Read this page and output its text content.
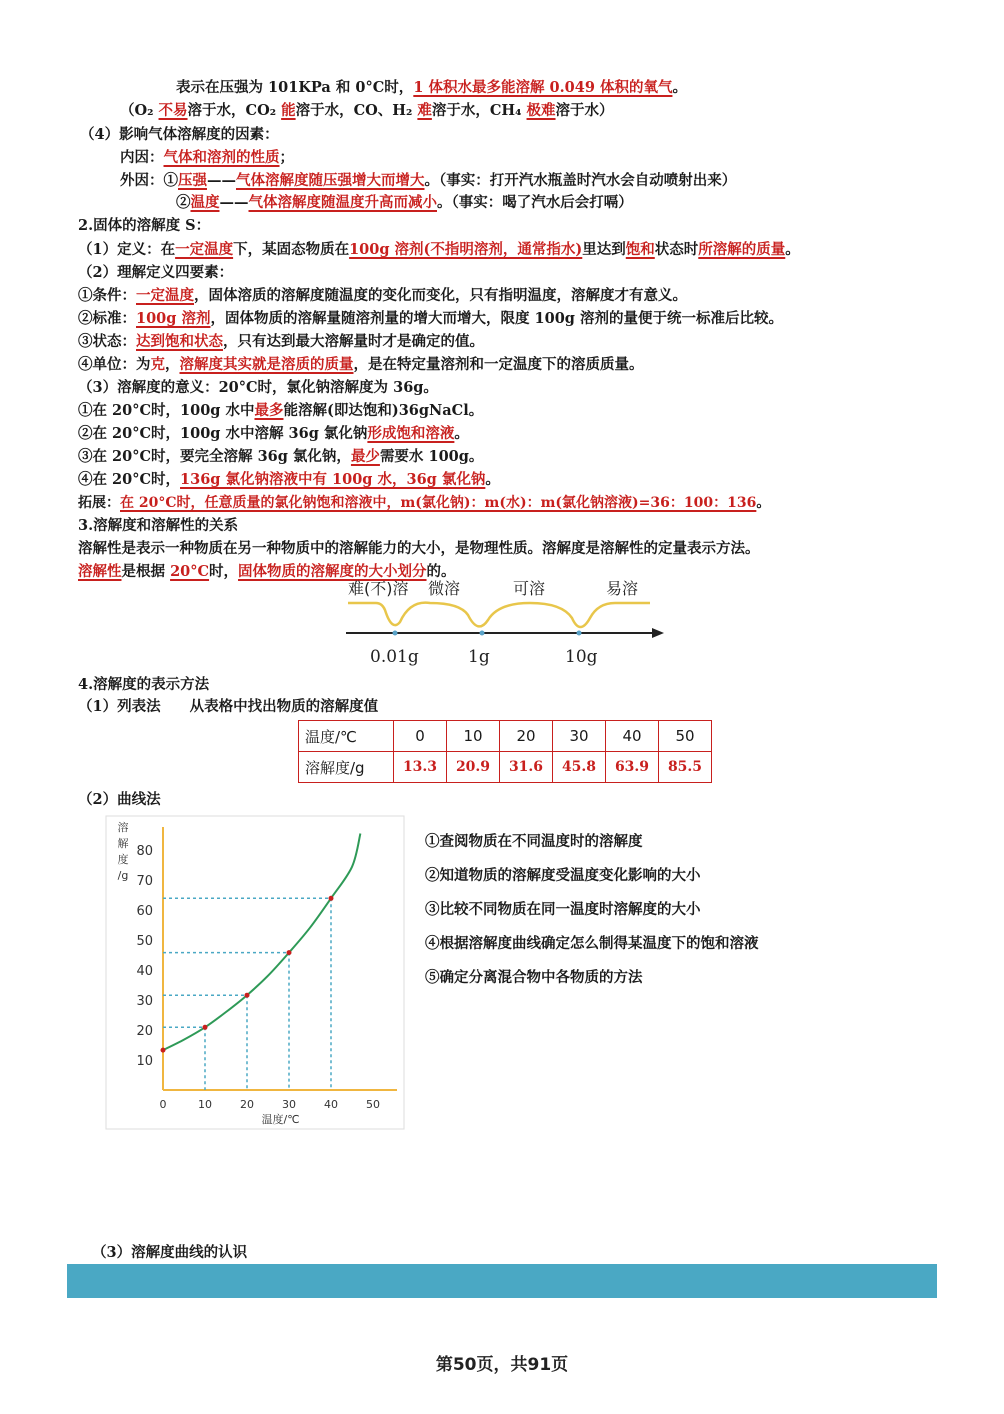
表示在压强为 101KPa 和 0°C时，1 体积水最多能溶解 0.049 体积的氧气。
（O₂ 不易溶于水，CO₂ 能溶于水，CO、H₂ 难溶于水，CH₄ 极难溶于水）
（4）影响气体溶解度的因素：
内因：气体和溶剂的性质；
外因：①压强——气体溶解度随压强增大而增大。（事实：打开汽水瓶盖时汽水会自动喷射出来）
②温度——气体溶解度随温度升高而减小。（事实：喝了汽水后会打嗝）
2.固体的溶解度 S：
（1）定义：在一定温度下，某固态物质在100g 溶剂(不指明溶剂，通常指水)里达到饱和状态时所溶解的质量。
（2）理解定义四要素：
①条件：一定温度，固体溶质的溶解度随温度的变化而变化，只有指明温度，溶解度才有意义。
②标准：100g 溶剂，固体物质的溶解量随溶剂量的增大而增大，限度 100g 溶剂的量便于统一标准后比较。
③状态：达到饱和状态，只有达到最大溶解量时才是确定的值。
④单位：为克，溶解度其实就是溶质的质量，是在特定量溶剂和一定温度下的溶质质量。
（3）溶解度的意义：20°C时，氯化钠溶解度为 36g。
①在 20°C时，100g 水中最多能溶解(即达饱和)36gNaCl。
②在 20°C时，100g 水中溶解 36g 氯化钠形成饱和溶液。
③在 20°C时，要完全溶解 36g 氯化钠，最少需要水 100g。
④在 20°C时，136g 氯化钠溶液中有 100g 水，36g 氯化钠。
拓展：在 20°C时，任意质量的氯化钠饱和溶液中，m(氯化钠)：m(水)：m(氯化钠溶液)=36：100：136。
3.溶解度和溶解性的关系
溶解性是表示一种物质在另一种物质中的溶解能力的大小，是物理性质。溶解度是溶解性的定量表示方法。
溶解性是根据 20°C时，固体物质的溶解度的大小划分的。
难(不)溶 微溶	可溶	易溶
0.01g	1g	10g
4.溶解度的表示方法
（1）列表法　　从表格中找出物质的溶解度值
温度/℃	0	10	20	30	40	50
溶解度/g	13.3	20.9	31.6	45.8	63.9	85.5
（2）曲线法
溶
解
度
/g
10
20
30
40
50
60
70
80
0	10	20	30	40	50
温度/℃
①查阅物质在不同温度时的溶解度
②知道物质的溶解度受温度变化影响的大小
③比较不同物质在同一温度时溶解度的大小
④根据溶解度曲线确定怎么制得某温度下的饱和溶液
⑤确定分离混合物中各物质的方法
（3）溶解度曲线的认识
第50页，共91页
